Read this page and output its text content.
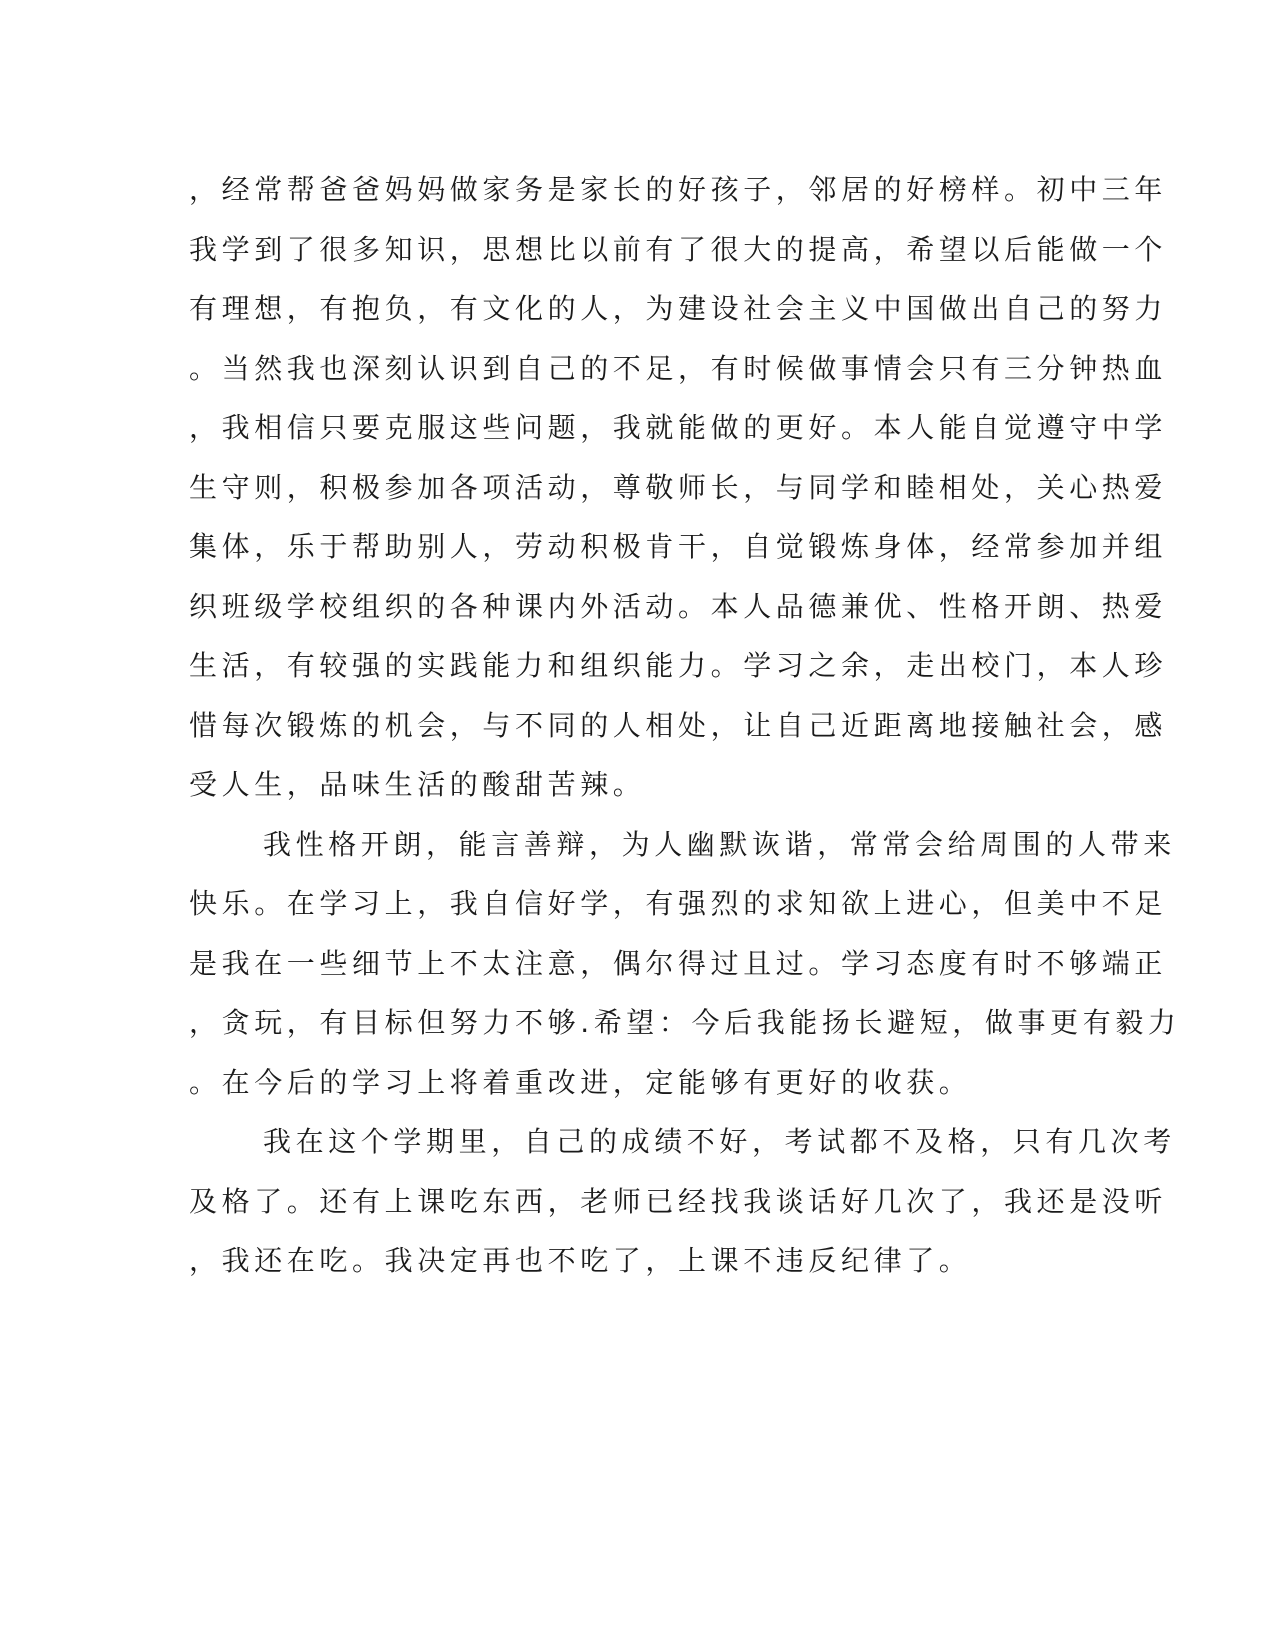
，经常帮爸爸妈妈做家务是家长的好孩子，邻居的好榜样。初中三年
我学到了很多知识，思想比以前有了很大的提高，希望以后能做一个
有理想，有抱负，有文化的人，为建设社会主义中国做出自己的努力
。当然我也深刻认识到自己的不足，有时候做事情会只有三分钟热血
，我相信只要克服这些问题，我就能做的更好。本人能自觉遵守中学
生守则，积极参加各项活动，尊敬师长，与同学和睦相处，关心热爱
集体，乐于帮助别人，劳动积极肯干，自觉锻炼身体，经常参加并组
织班级学校组织的各种课内外活动。本人品德兼优、性格开朗、热爱
生活，有较强的实践能力和组织能力。学习之余，走出校门，本人珍
惜每次锻炼的机会，与不同的人相处，让自己近距离地接触社会，感
受人生，品味生活的酸甜苦辣。
我性格开朗，能言善辩，为人幽默诙谐，常常会给周围的人带来
快乐。在学习上，我自信好学，有强烈的求知欲上进心，但美中不足
是我在一些细节上不太注意，偶尔得过且过。学习态度有时不够端正
，贪玩，有目标但努力不够.希望：今后我能扬长避短，做事更有毅力
。在今后的学习上将着重改进，定能够有更好的收获。
我在这个学期里，自己的成绩不好，考试都不及格，只有几次考
及格了。还有上课吃东西，老师已经找我谈话好几次了，我还是没听
，我还在吃。我决定再也不吃了，上课不违反纪律了。
